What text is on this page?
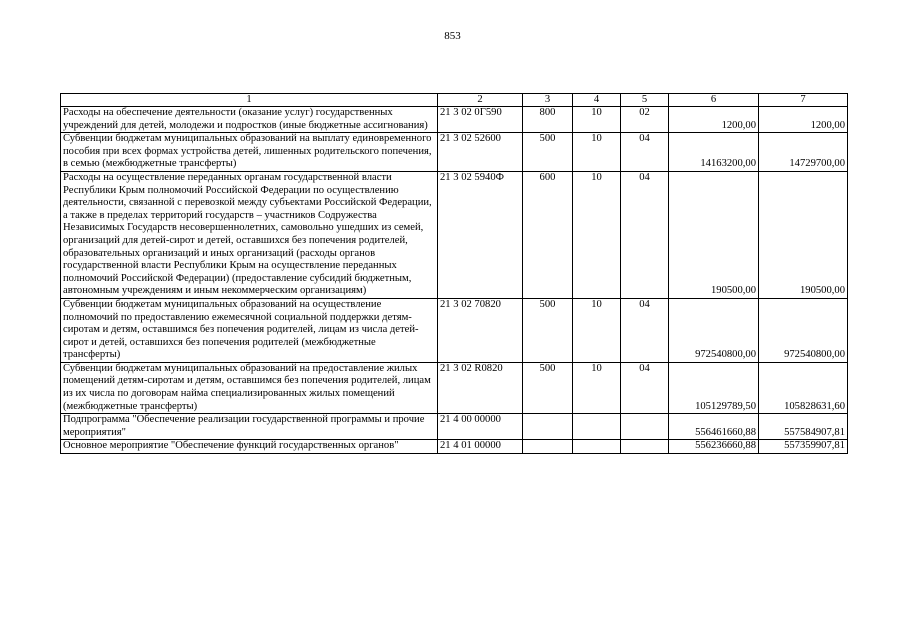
853
1	2	3	4	5	6	7
Расходы на обеспечение деятельности (оказание услуг) государственных учреждений для детей, молодежи и подростков (иные бюджетные ассигнования)	21 3 02 0Г590	800	10	02	1200,00	1200,00
Субвенции бюджетам муниципальных образований на выплату единовременного пособия при всех формах устройства детей, лишенных родительского попечения, в семью (межбюджетные трансферты)	21 3 02 52600	500	10	04	14163200,00	14729700,00
Расходы на осуществление переданных органам государственной власти Республики Крым полномочий Российской Федерации по осуществлению деятельности, связанной с перевозкой между субъектами Российской Федерации, а также в пределах территорий государств – участников Содружества Независимых Государств несовершеннолетних, самовольно ушедших из семей, организаций для детей-сирот и детей, оставшихся без попечения родителей, образовательных организаций и иных организаций (расходы органов государственной власти Республики Крым на осуществление переданных полномочий Российской Федерации) (предоставление субсидий бюджетным, автономным учреждениям и иным некоммерческим организациям)	21 3 02 5940Ф	600	10	04	190500,00	190500,00
Субвенции бюджетам муниципальных образований на осуществление полномочий по предоставлению ежемесячной социальной поддержки детям-сиротам и детям, оставшимся без попечения родителей, лицам из числа детей-сирот и детей, оставшихся без попечения родителей (межбюджетные трансферты)	21 3 02 70820	500	10	04	972540800,00	972540800,00
Субвенции бюджетам муниципальных образований на предоставление жилых помещений детям-сиротам и детям, оставшимся без попечения родителей, лицам из их числа по договорам найма специализированных жилых помещений (межбюджетные трансферты)	21 3 02 R0820	500	10	04	105129789,50	105828631,60
Подпрограмма "Обеспечение реализации государственной программы и прочие мероприятия"	21 4 00 00000				556461660,88	557584907,81
Основное мероприятие "Обеспечение функций государственных органов"	21 4 01 00000				556236660,88	557359907,81
